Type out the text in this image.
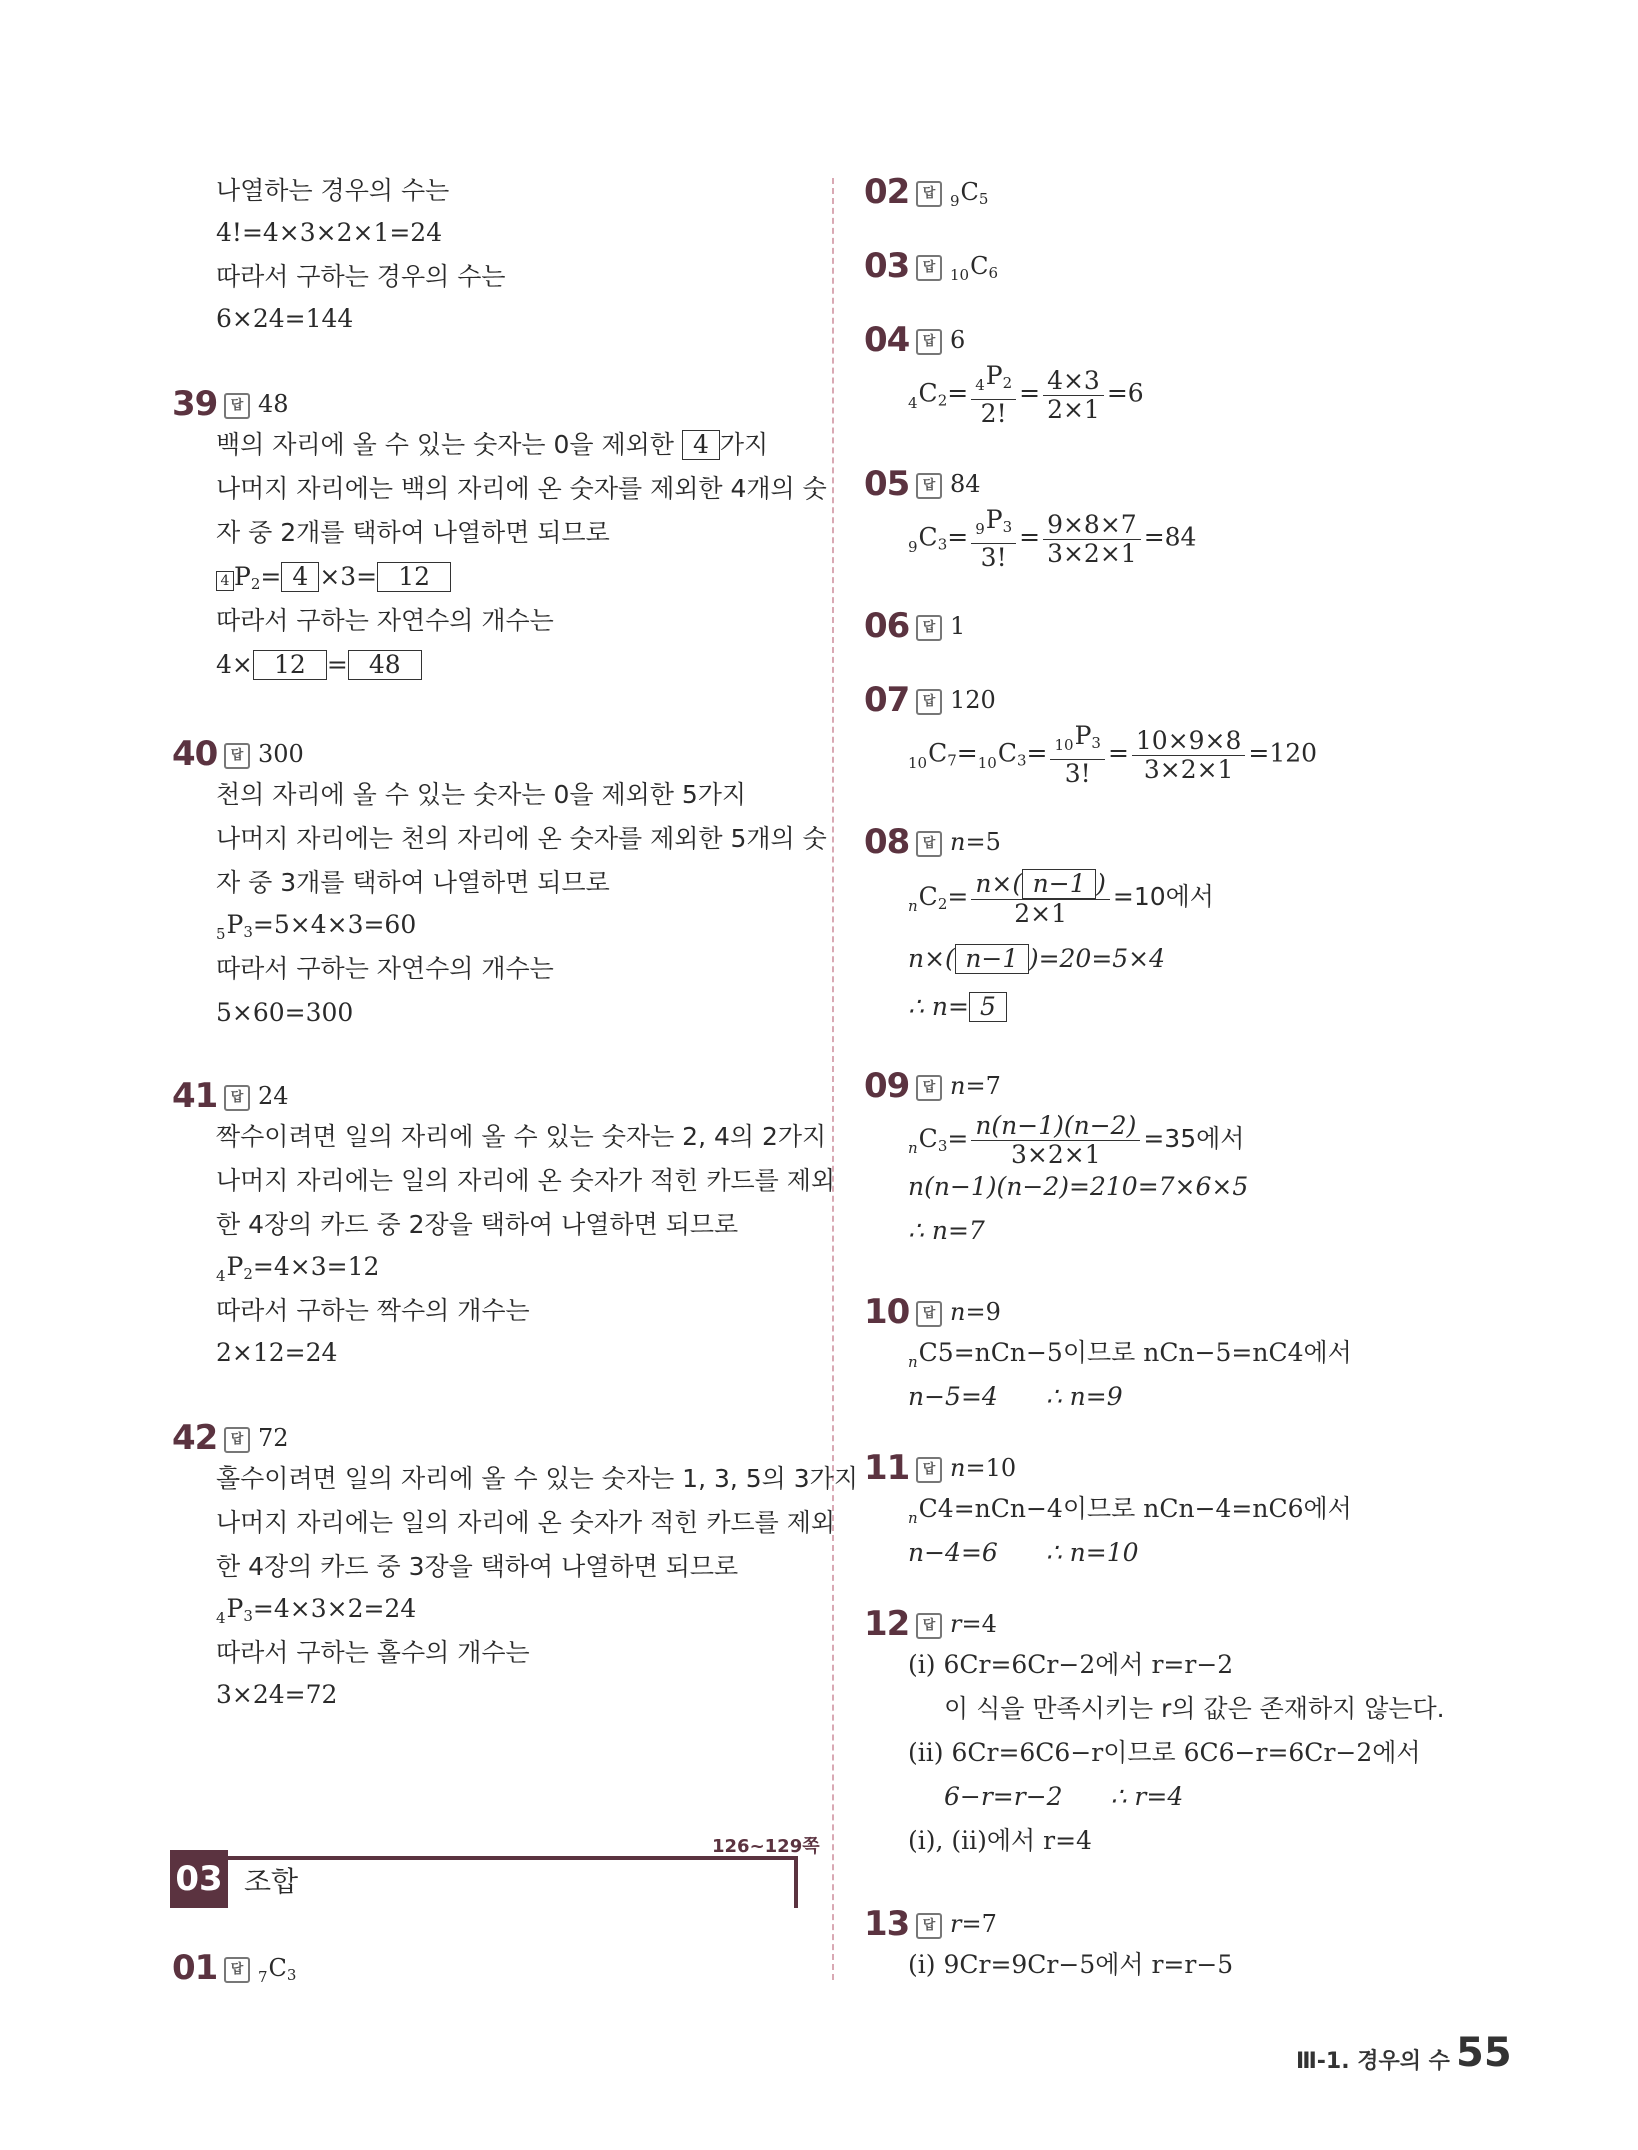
나열하는 경우의 수는
4!=4×3×2×1=24
따라서 구하는 경우의 수는
6×24=144
39	답 48
백의 자리에 올 수 있는 숫자는 0을 제외한 4 가지
나머지 자리에는 백의 자리에 온 숫자를 제외한 4개의 숫
자 중 2개를 택하여 나열하면 되므로
4 $P_2= 4 \times 3= 12$
따라서 구하는 자연수의 개수는
4× 12 = 48
40	답 300
천의 자리에 올 수 있는 숫자는 0을 제외한 5가지
나머지 자리에는 천의 자리에 온 숫자를 제외한 5개의 숫
자 중 3개를 택하여 나열하면 되므로
$_5P_3=5\times 4\times 3=60$
따라서 구하는 자연수의 개수는
5×60=300
41	답 24
짝수이려면 일의 자리에 올 수 있는 숫자는 2, 4의 2가지
나머지 자리에는 일의 자리에 온 숫자가 적힌 카드를 제외
한 4장의 카드 중 2장을 택하여 나열하면 되므로
$_4P_2=4\times 3=12$
따라서 구하는 짝수의 개수는
2×12=24
42	답 72
홀수이려면 일의 자리에 올 수 있는 숫자는 1, 3, 5의 3가지
나머지 자리에는 일의 자리에 온 숫자가 적힌 카드를 제외
한 4장의 카드 중 3장을 택하여 나열하면 되므로
$_4P_3=4\times 3\times 2=24$
따라서 구하는 홀수의 개수는
3×24=72
126~129쪽
03 조합
01	답 $_7C_3$
02	답 $_9C_5$
03	답 $_{10}C_6$
04	답 6
$_4C_2= \frac{_4P_2}{2!} = \frac{4\times 3}{2\times 1} =6$
05	답 84
$_9C_3= \frac{_9P_3}{3!} = \frac{9\times 8\times 7}{3\times 2\times 1} =84$
06	답 1
07	답 120
$_{10}C_7=_{10}C_3= \frac{_{10}P_3}{3!} = \frac{10\times 9\times 8}{3\times 2\times 1} =120$
08	답 n=5
$_nC_2= \frac{n\times( n-1 )}{2\times 1} =10$에서
n×( n−1 )=20=5×4
∴ n= 5
09	답 n=7
$_nC_3= \frac{n(n-1)(n-2)}{3\times 2\times 1} =35$에서
n(n−1)(n−2)=210=7×6×5
∴ n=7
10	답 n=9
$_n$C5=nCn−5이므로 nCn−5=nC4에서
n−5=4 ∴ n=9
11	답 n=10
$_n$C4=nCn−4이므로 nCn−4=nC6에서
n−4=6 ∴ n=10
12	답 r=4
(i) 6Cr=6Cr−2에서 r=r−2
이 식을 만족시키는 r의 값은 존재하지 않는다.
(ii) 6Cr=6C6−r이므로 6C6−r=6Cr−2에서
6−r=r−2 ∴ r=4
(i), (ii)에서 r=4
13	답 r=7
(i) 9Cr=9Cr−5에서 r=r−5
Ⅲ-1. 경우의 수 55
